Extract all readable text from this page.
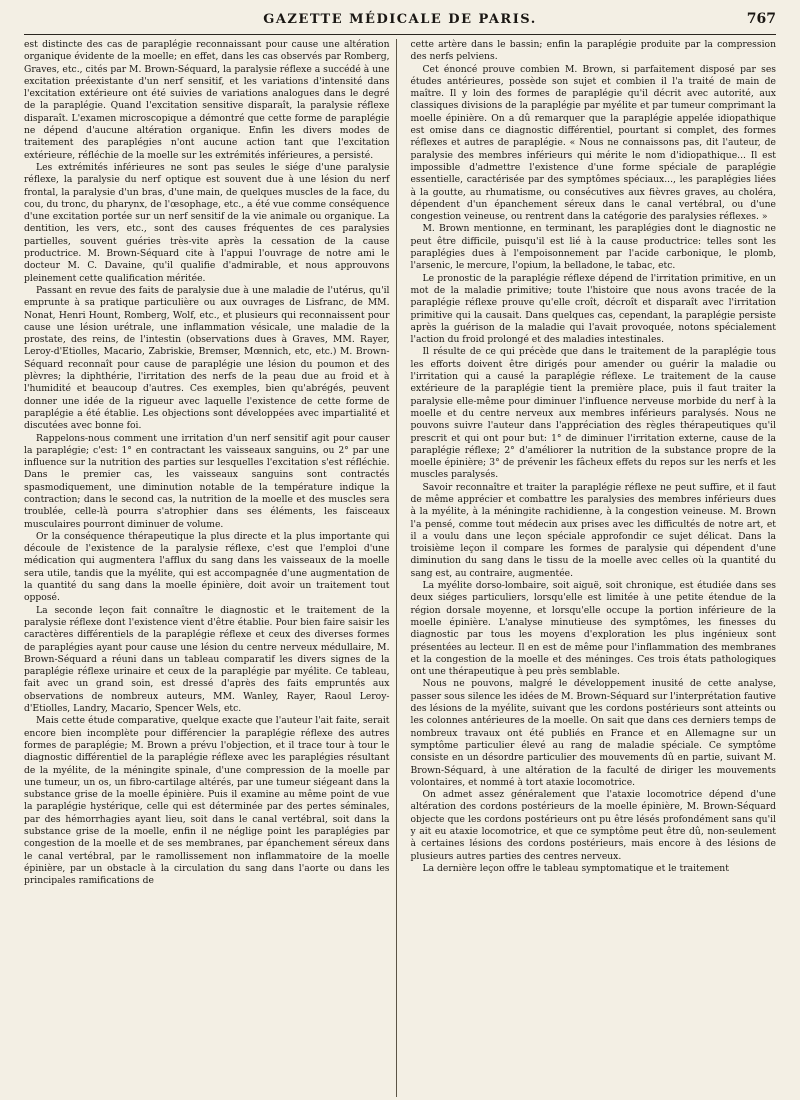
GAZETTE MÉDICALE DE PARIS.	767

est distincte des cas de paraplégie reconnaissant pour cause une altération organique évidente de la moelle; en effet, dans les cas observés par Romberg, Graves, etc., cités par M. Brown-Séquard, la paralysie réflexe a succédé à une excitation préexistante d'un nerf sensitif, et les variations d'intensité dans l'excitation extérieure ont été suivies de variations analogues dans le degré de la paraplégie. Quand l'excitation sensitive disparaît, la paralysie réflexe disparaît. L'examen microscopique a démontré que cette forme de paraplégie ne dépend d'aucune altération organique. Enfin les divers modes de traitement des paraplégies n'ont aucune action tant que l'excitation extérieure, réfléchie de la moelle sur les extrémités inférieures, a persisté.

Les extrémités inférieures ne sont pas seules le siége d'une paralysie réflexe, la paralysie du nerf optique est souvent due à une lésion du nerf frontal, la paralysie d'un bras, d'une main, de quelques muscles de la face, du cou, du tronc, du pharynx, de l'œsophage, etc., a été vue comme conséquence d'une excitation portée sur un nerf sensitif de la vie animale ou organique. La dentition, les vers, etc., sont des causes fréquentes de ces paralysies partielles, souvent guéries très-vite après la cessation de la cause productrice. M. Brown-Séquard cite à l'appui l'ouvrage de notre ami le docteur M. C. Davaine, qu'il qualifie d'admirable, et nous approuvons pleinement cette qualification méritée.

Passant en revue des faits de paralysie due à une maladie de l'utérus, qu'il emprunte à sa pratique particulière ou aux ouvrages de Lisfranc, de MM. Nonat, Henri Hount, Romberg, Wolf, etc., et plusieurs qui reconnaissent pour cause une lésion urétrale, une inflammation vésicale, une maladie de la prostate, des reins, de l'intestin (observations dues à Graves, MM. Rayer, Leroy-d'Etiolles, Macario, Zabriskie, Bremser, Mœnnich, etc, etc.) M. Brown-Séquard reconnaît pour cause de paraplégie une lésion du poumon et des plèvres; la diphthérie, l'irritation des nerfs de la peau due au froid et à l'humidité et beaucoup d'autres. Ces exemples, bien qu'abrégés, peuvent donner une idée de la rigueur avec laquelle l'existence de cette forme de paraplégie a été établie. Les objections sont développées avec impartialité et discutées avec bonne foi.

Rappelons-nous comment une irritation d'un nerf sensitif agit pour causer la paraplégie; c'est: 1° en contractant les vaisseaux sanguins, ou 2° par une influence sur la nutrition des parties sur lesquelles l'excitation s'est réfléchie. Dans le premier cas, les vaisseaux sanguins sont contractés spasmodiquement, une diminution notable de la température indique la contraction; dans le second cas, la nutrition de la moelle et des muscles sera troublée, celle-là pourra s'atrophier dans ses éléments, les faisceaux musculaires pourront diminuer de volume.

Or la conséquence thérapeutique la plus directe et la plus importante qui découle de l'existence de la paralysie réflexe, c'est que l'emploi d'une médication qui augmentera l'afflux du sang dans les vaisseaux de la moelle sera utile, tandis que la myélite, qui est accompagnée d'une augmentation de la quantité du sang dans la moelle épinière, doit avoir un traitement tout opposé.

La seconde leçon fait connaître le diagnostic et le traitement de la paralysie réflexe dont l'existence vient d'être établie. Pour bien faire saisir les caractères différentiels de la paraplégie réflexe et ceux des diverses formes de paraplégies ayant pour cause une lésion du centre nerveux médullaire, M. Brown-Séquard a réuni dans un tableau comparatif les divers signes de la paraplégie réflexe urinaire et ceux de la paraplégie par myélite. Ce tableau, fait avec un grand soin, est dressé d'après des faits empruntés aux observations de nombreux auteurs, MM. Wanley, Rayer, Raoul Leroy-d'Etiolles, Landry, Macario, Spencer Wels, etc.

Mais cette étude comparative, quelque exacte que l'auteur l'ait faite, serait encore bien incomplète pour différencier la paraplégie réflexe des autres formes de paraplégie; M. Brown a prévu l'objection, et il trace tour à tour le diagnostic différentiel de la paraplégie réflexe avec les paraplégies résultant de la myélite, de la méningite spinale, d'une compression de la moelle par une tumeur, un os, un fibro-cartilage altérés, par une tumeur siégeant dans la substance grise de la moelle épinière. Puis il examine au même point de vue la paraplégie hystérique, celle qui est déterminée par des pertes séminales, par des hémorrhagies ayant lieu, soit dans le canal vertébral, soit dans la substance grise de la moelle, enfin il ne néglige point les paraplégies par congestion de la moelle et de ses membranes, par épanchement séreux dans le canal vertébral, par le ramollissement non inflammatoire de la moelle épinière, par un obstacle à la circulation du sang dans l'aorte ou dans les principales ramifications de

cette artère dans le bassin; enfin la paraplégie produite par la compression des nerfs pelviens.

Cet énoncé prouve combien M. Brown, si parfaitement disposé par ses études antérieures, possède son sujet et combien il l'a traité de main de maître. Il y loin des formes de paraplégie qu'il décrit avec autorité, aux classiques divisions de la paraplégie par myélite et par tumeur comprimant la moelle épinière. On a dû remarquer que la paraplégie appelée idiopathique est omise dans ce diagnostic différentiel, pourtant si complet, des formes réflexes et autres de paraplégie. « Nous ne connaissons pas, dit l'auteur, de paralysie des membres inférieurs qui mérite le nom d'idiopathique... Il est impossible d'admettre l'existence d'une forme spéciale de paraplégie essentielle, caractérisée par des symptômes spéciaux..., les paraplégies liées à la goutte, au rhumatisme, ou consécutives aux fièvres graves, au choléra, dépendent d'un épanchement séreux dans le canal vertébral, ou d'une congestion veineuse, ou rentrent dans la catégorie des paralysies réflexes. »

M. Brown mentionne, en terminant, les paraplégies dont le diagnostic ne peut être difficile, puisqu'il est lié à la cause productrice: telles sont les paraplégies dues à l'empoisonnement par l'acide carbonique, le plomb, l'arsenic, le mercure, l'opium, la belladone, le tabac, etc.

Le pronostic de la paraplégie réflexe dépend de l'irritation primitive, en un mot de la maladie primitive; toute l'histoire que nous avons tracée de la paraplégie réflexe prouve qu'elle croît, décroît et disparaît avec l'irritation primitive qui la causait. Dans quelques cas, cependant, la paraplégie persiste après la guérison de la maladie qui l'avait provoquée, notons spécialement l'action du froid prolongé et des maladies intestinales.

Il résulte de ce qui précède que dans le traitement de la paraplégie tous les efforts doivent être dirigés pour amender ou guérir la maladie ou l'irritation qui a causé la paraplégie réflexe. Le traitement de la cause extérieure de la paraplégie tient la première place, puis il faut traiter la paralysie elle-même pour diminuer l'influence nerveuse morbide du nerf à la moelle et du centre nerveux aux membres inférieurs paralysés. Nous ne pouvons suivre l'auteur dans l'appréciation des règles thérapeutiques qu'il prescrit et qui ont pour but: 1° de diminuer l'irritation externe, cause de la paraplégie réflexe; 2° d'améliorer la nutrition de la substance propre de la moelle épinière; 3° de prévenir les fâcheux effets du repos sur les nerfs et les muscles paralysés.

Savoir reconnaître et traiter la paraplégie réflexe ne peut suffire, et il faut de même apprécier et combattre les paralysies des membres inférieurs dues à la myélite, à la méningite rachidienne, à la congestion veineuse. M. Brown l'a pensé, comme tout médecin aux prises avec les difficultés de notre art, et il a voulu dans une leçon spéciale approfondir ce sujet délicat. Dans la troisième leçon il compare les formes de paralysie qui dépendent d'une diminution du sang dans le tissu de la moelle avec celles où la quantité du sang est, au contraire, augmentée.

La myélite dorso-lombaire, soit aiguë, soit chronique, est étudiée dans ses deux siéges particuliers, lorsqu'elle est limitée à une petite étendue de la région dorsale moyenne, et lorsqu'elle occupe la portion inférieure de la moelle épinière. L'analyse minutieuse des symptômes, les finesses du diagnostic par tous les moyens d'exploration les plus ingénieux sont présentées au lecteur. Il en est de même pour l'inflammation des membranes et la congestion de la moelle et des méninges. Ces trois états pathologiques ont une thérapeutique à peu près semblable.

Nous ne pouvons, malgré le développement inusité de cette analyse, passer sous silence les idées de M. Brown-Séquard sur l'interprétation fautive des lésions de la myélite, suivant que les cordons postérieurs sont atteints ou les colonnes antérieures de la moelle. On sait que dans ces derniers temps de nombreux travaux ont été publiés en France et en Allemagne sur un symptôme particulier élevé au rang de maladie spéciale. Ce symptôme consiste en un désordre particulier des mouvements dû en partie, suivant M. Brown-Séquard, à une altération de la faculté de diriger les mouvements volontaires, et nommé à tort ataxie locomotrice.

On admet assez généralement que l'ataxie locomotrice dépend d'une altération des cordons postérieurs de la moelle épinière, M. Brown-Séquard objecte que les cordons postérieurs ont pu être lésés profondément sans qu'il y ait eu ataxie locomotrice, et que ce symptôme peut être dû, non-seulement à certaines lésions des cordons postérieurs, mais encore à des lésions de plusieurs autres parties des centres nerveux.

La dernière leçon offre le tableau symptomatique et le traitement
